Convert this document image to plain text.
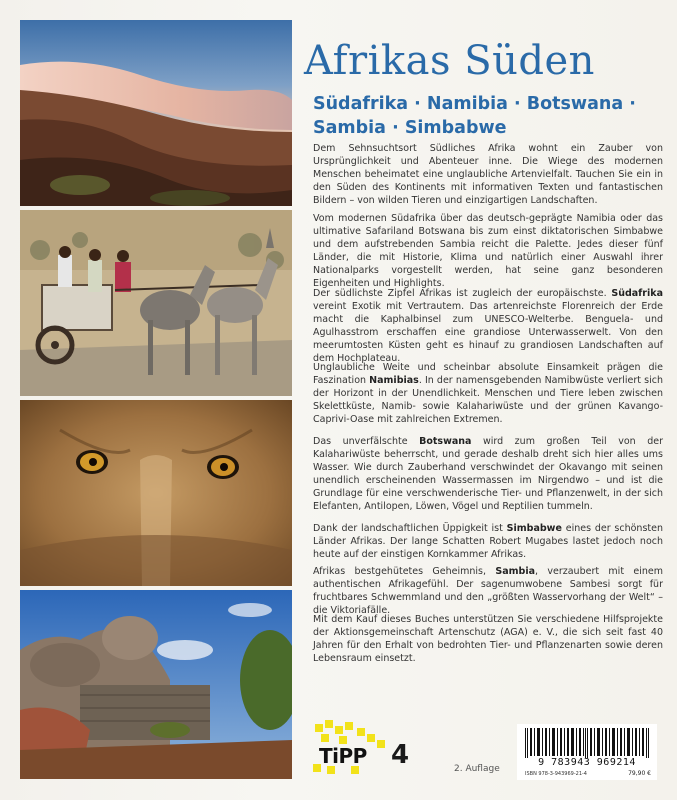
Afrikas Süden
Südafrika · Namibia · Botswana ·
Sambia · Simbabwe
Dem Sehnsuchtsort Südliches Afrika wohnt ein Zauber von Ursprünglichkeit und Abenteuer inne. Die Wiege des modernen Menschen beheimatet eine unglaubliche Artenvielfalt. Tauchen Sie ein in den Süden des Kontinents mit informativen Texten und fantastischen Bildern – von wilden Tieren und einzigartigen Landschaften.
Vom modernen Südafrika über das deutsch-geprägte Namibia oder das ultimative Safariland Botswana bis zum einst diktatorischen Simbabwe und dem aufstrebenden Sambia reicht die Palette. Jedes dieser fünf Länder, die mit Historie, Klima und natürlich einer Auswahl ihrer Nationalparks vorgestellt werden, hat seine ganz besonderen Eigenheiten und Highlights.
Der südlichste Zipfel Afrikas ist zugleich der europäischste. Südafrika vereint Exotik mit Vertrautem. Das artenreichste Florenreich der Erde macht die Kaphalbinsel zum UNESCO-Welterbe. Benguela- und Agulhasstrom erschaffen eine grandiose Unterwasserwelt. Von den meerumtosten Küsten geht es hinauf zu grandiosen Landschaften auf dem Hochplateau.
Unglaubliche Weite und scheinbar absolute Einsamkeit prägen die Faszination Namibias. In der namensgebenden Namibwüste verliert sich der Horizont in der Unendlichkeit. Menschen und Tiere leben zwischen Skelettküste, Namib- sowie Kalahariwüste und der grünen Kavango-Caprivi-Oase mit zahlreichen Extremen.
Das unverfälschte Botswana wird zum großen Teil von der Kalahariwüste beherrscht, und gerade deshalb dreht sich hier alles ums Wasser. Wie durch Zauberhand verschwindet der Okavango mit seinen unendlich erscheinenden Wassermassen im Nirgendwo – und ist die Grundlage für eine verschwenderische Tier- und Pflanzenwelt, in der sich Elefanten, Antilopen, Löwen, Vögel und Reptilien tummeln.
Dank der landschaftlichen Üppigkeit ist Simbabwe eines der schönsten Länder Afrikas. Der lange Schatten Robert Mugabes lastet jedoch noch heute auf der einstigen Kornkammer Afrikas.
Afrikas bestgehütetes Geheimnis, Sambia, verzaubert mit einem authentischen Afrikagefühl. Der sagenumwobene Sambesi sorgt für fruchtbares Schwemmland und den „größten Wasservorhang der Welt“ – die Viktoriafälle.
Mit dem Kauf dieses Buches unterstützen Sie verschiedene Hilfsprojekte der Aktionsgemeinschaft Artenschutz (AGA) e. V., die sich seit fast 40 Jahren für den Erhalt von bedrohten Tier- und Pflanzenarten sowie deren Lebensraum einsetzt.
TiPP 4	2. Auflage
9 783943 969214
ISBN 978-3-943969-21-4	79,90 €
